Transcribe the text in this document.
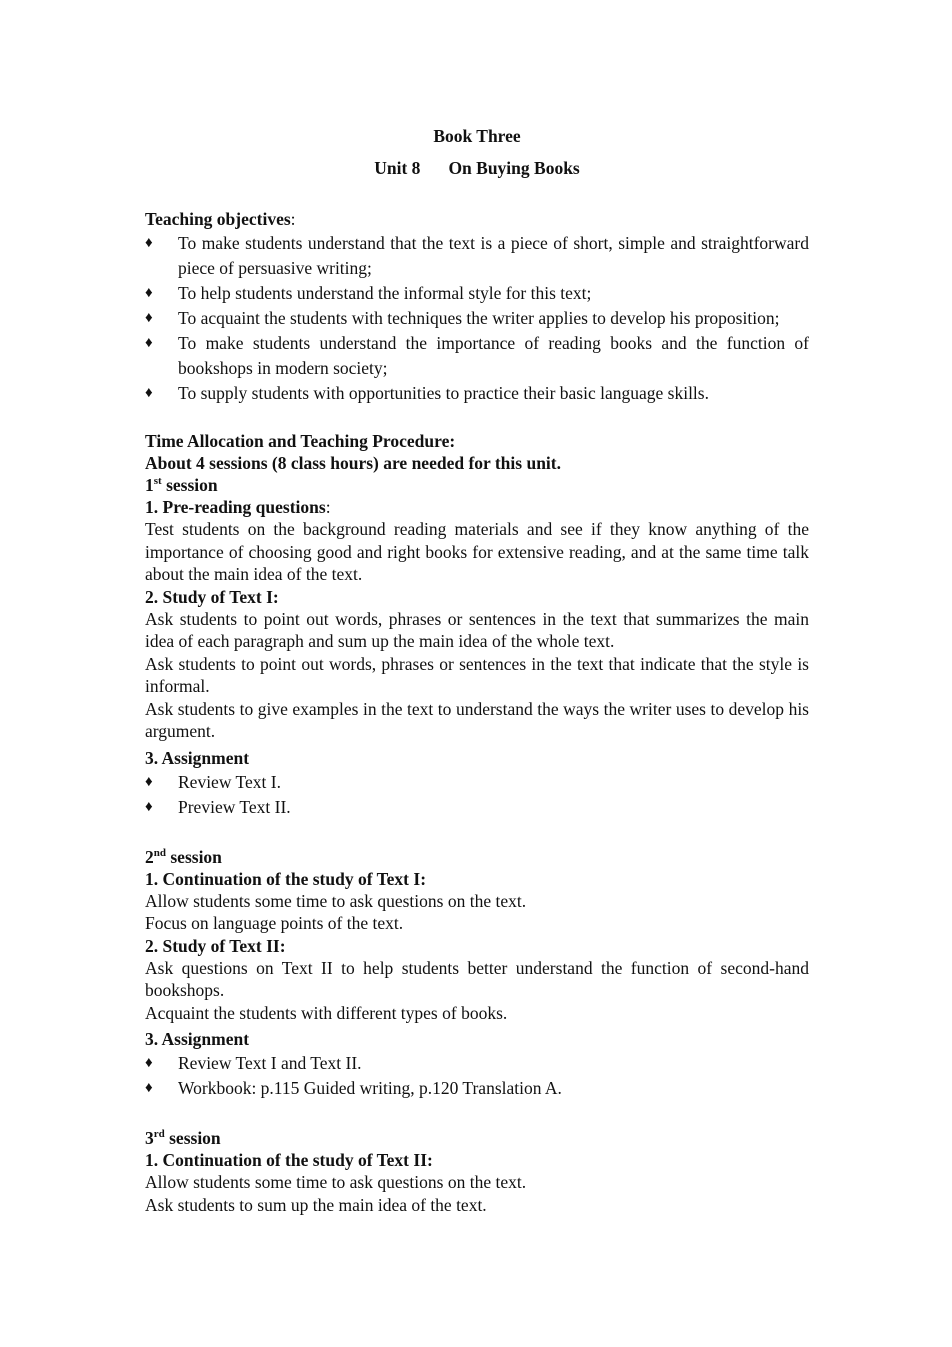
Book Three
Unit 8 On Buying Books
Teaching objectives:
♦ To make students understand that the text is a piece of short, simple and straightforward piece of persuasive writing;
♦ To help students understand the informal style for this text;
♦ To acquaint the students with techniques the writer applies to develop his proposition;
♦ To make students understand the importance of reading books and the function of bookshops in modern society;
♦ To supply students with opportunities to practice their basic language skills.
Time Allocation and Teaching Procedure:
About 4 sessions (8 class hours) are needed for this unit.
1st session
1. Pre-reading questions:

Test students on the background reading materials and see if they know anything of the importance of choosing good and right books for extensive reading, and at the same time talk about the main idea of the text.

2. Study of Text I:

Ask students to point out words, phrases or sentences in the text that summarizes the main idea of each paragraph and sum up the main idea of the whole text.

Ask students to point out words, phrases or sentences in the text that indicate that the style is informal.

Ask students to give examples in the text to understand the ways the writer uses to develop his argument.

3. Assignment
♦ Review Text I.
♦ Preview Text II.
2nd session
1. Continuation of the study of Text I:

Allow students some time to ask questions on the text.

Focus on language points of the text.

2. Study of Text II:

Ask questions on Text II to help students better understand the function of second-hand bookshops.

Acquaint the students with different types of books.

3. Assignment
♦ Review Text I and Text II.
♦ Workbook: p.115 Guided writing, p.120 Translation A.
3rd session
1. Continuation of the study of Text II:

Allow students some time to ask questions on the text.

Ask students to sum up the main idea of the text.
